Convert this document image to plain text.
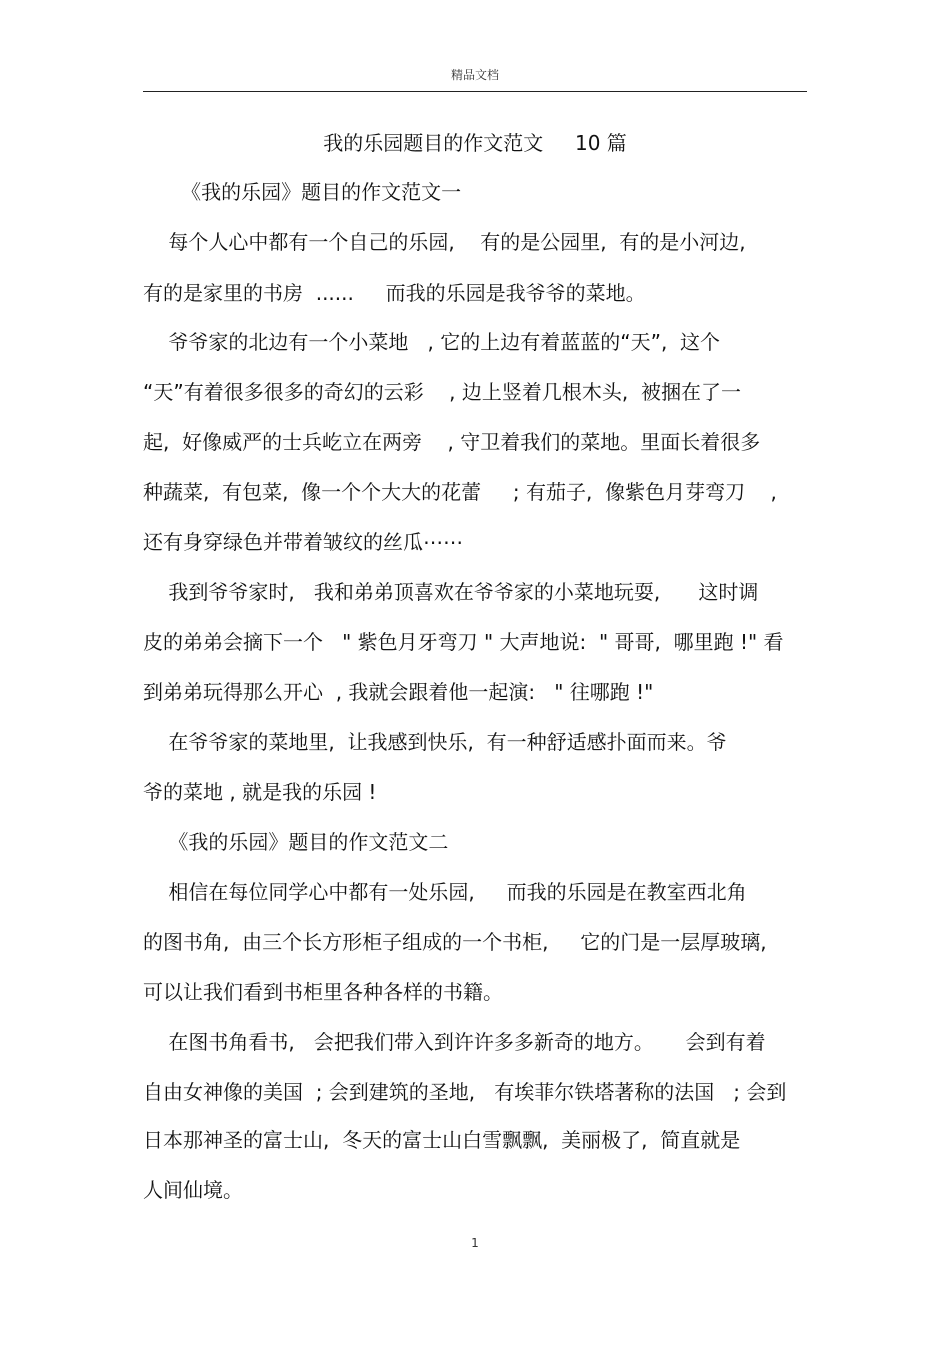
精品文档
我的乐园题目的作文范文     10 篇
《我的乐园》题目的作文范文一
每个人心中都有一个自己的乐园,    有的是公园里,  有的是小河边,
有的是家里的书房  ......     而我的乐园是我爷爷的菜地。
爷爷家的北边有一个小菜地   , 它的上边有着蓝蓝的“天”,  这个
“天”有着很多很多的奇幻的云彩    , 边上竖着几根木头,  被捆在了一
起,  好像威严的士兵屹立在两旁    , 守卫着我们的菜地。里面长着很多
种蔬菜,  有包菜,  像一个个大大的花蕾     ; 有茄子,  像紫色月芽弯刀    ,
还有身穿绿色并带着皱纹的丝瓜⋯⋯
我到爷爷家时,   我和弟弟顶喜欢在爷爷家的小菜地玩耍,      这时调
皮的弟弟会摘下一个   " 紫色月牙弯刀 " 大声地说:  " 哥哥,  哪里跑 !" 看
到弟弟玩得那么开心  , 我就会跟着他一起演:   " 往哪跑 !"
在爷爷家的菜地里,  让我感到快乐,  有一种舒适感扑面而来。爷
爷的菜地 , 就是我的乐园 !
《我的乐园》题目的作文范文二
相信在每位同学心中都有一处乐园,     而我的乐园是在教室西北角
的图书角,  由三个长方形柜子组成的一个书柜,     它的门是一层厚玻璃,
可以让我们看到书柜里各种各样的书籍。
在图书角看书,   会把我们带入到许许多多新奇的地方。     会到有着
自由女神像的美国  ; 会到建筑的圣地,   有埃菲尔铁塔著称的法国   ; 会到
日本那神圣的富士山,  冬天的富士山白雪飘飘,  美丽极了,  简直就是
人间仙境。
1
